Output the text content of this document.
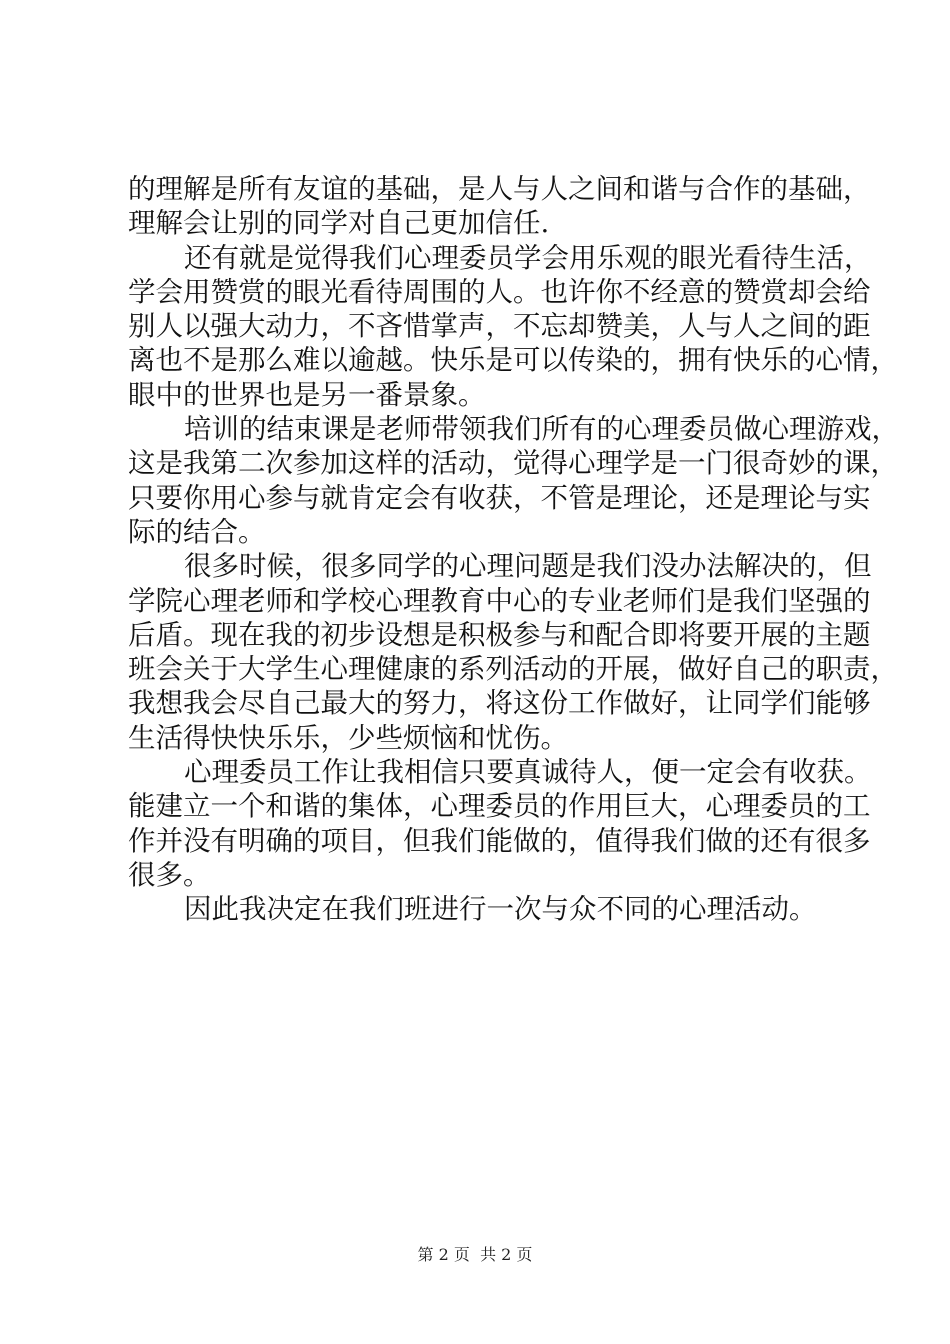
的理解是所有友谊的基础，是人与人之间和谐与合作的基础，
理解会让别的同学对自己更加信任.
还有就是觉得我们心理委员学会用乐观的眼光看待生活，
学会用赞赏的眼光看待周围的人。也许你不经意的赞赏却会给
别人以强大动力，不吝惜掌声，不忘却赞美，人与人之间的距
离也不是那么难以逾越。快乐是可以传染的，拥有快乐的心情，
眼中的世界也是另一番景象。
培训的结束课是老师带领我们所有的心理委员做心理游戏，
这是我第二次参加这样的活动，觉得心理学是一门很奇妙的课，
只要你用心参与就肯定会有收获，不管是理论，还是理论与实
际的结合。
很多时候，很多同学的心理问题是我们没办法解决的，但
学院心理老师和学校心理教育中心的专业老师们是我们坚强的
后盾。现在我的初步设想是积极参与和配合即将要开展的主题
班会关于大学生心理健康的系列活动的开展，做好自己的职责，
我想我会尽自己最大的努力，将这份工作做好，让同学们能够
生活得快快乐乐，少些烦恼和忧伤。
心理委员工作让我相信只要真诚待人，便一定会有收获。
能建立一个和谐的集体，心理委员的作用巨大，心理委员的工
作并没有明确的项目，但我们能做的，值得我们做的还有很多
很多。
因此我决定在我们班进行一次与众不同的心理活动。
第 2 页  共 2 页
